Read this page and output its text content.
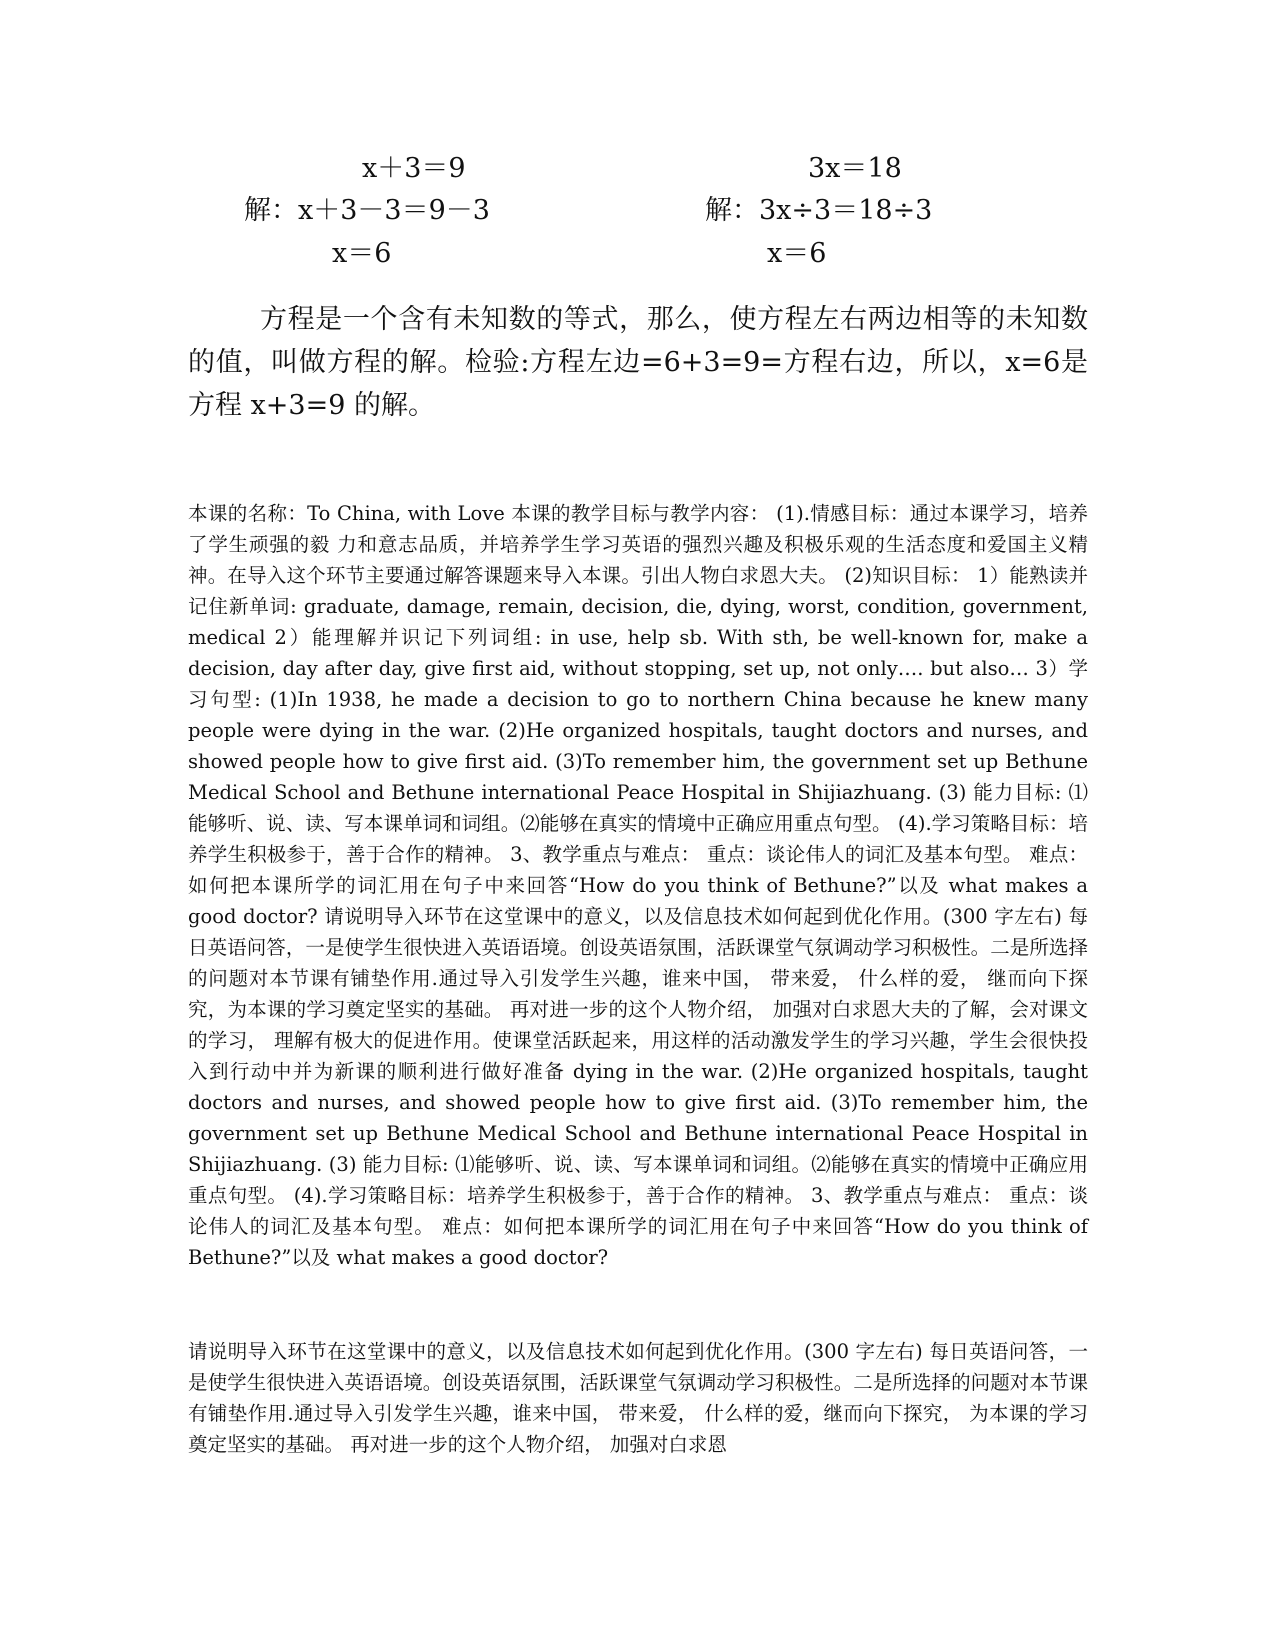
x＋3＝9
解：x＋3－3＝9－3
x＝6
3x＝18
解：3x÷3＝18÷3
x＝6

方程是一个含有未知数的等式，那么，使方程左右两边相等的未知数的值，叫做方程的解。检验:方程左边=6+3=9=方程右边，所以，x=6是方程 x+3=9 的解。

本课的名称：To China, with Love 本课的教学目标与教学内容： (1).情感目标：通过本课学习，培养了学生顽强的毅 力和意志品质，并培养学生学习英语的强烈兴趣及积极乐观的生活态度和爱国主义精神。在导入这个环节主要通过解答课题来导入本课。引出人物白求恩大夫。 (2)知识目标： 1）能熟读并记住新单词: graduate, damage, remain, decision, die, dying, worst, condition, government, medical 2）能理解并识记下列词组: in use, help sb. With sth, be well-known for, make a decision, day after day, give first aid, without stopping, set up, not only…. but also… 3）学习句型: (1)In 1938, he made a decision to go to northern China because he knew many people were dying in the war. (2)He organized hospitals, taught doctors and nurses, and showed people how to give first aid. (3)To remember him, the government set up Bethune Medical School and Bethune international Peace Hospital in Shijiazhuang. (3) 能力目标: ⑴能够听、说、读、写本课单词和词组。⑵能够在真实的情境中正确应用重点句型。 (4).学习策略目标：培养学生积极参于，善于合作的精神。 3、教学重点与难点： 重点：谈论伟人的词汇及基本句型。 难点：如何把本课所学的词汇用在句子中来回答“How do you think of Bethune?”以及 what makes a good doctor? 请说明导入环节在这堂课中的意义，以及信息技术如何起到优化作用。(300 字左右) 每日英语问答，一是使学生很快进入英语语境。创设英语氛围，活跃课堂气氛调动学习积极性。二是所选择的问题对本节课有铺垫作用.通过导入引发学生兴趣，谁来中国， 带来爱， 什么样的爱， 继而向下探究，为本课的学习奠定坚实的基础。 再对进一步的这个人物介绍， 加强对白求恩大夫的了解，会对课文的学习， 理解有极大的促进作用。使课堂活跃起来，用这样的活动激发学生的学习兴趣，学生会很快投入到行动中并为新课的顺利进行做好准备 dying in the war. (2)He organized hospitals, taught doctors and nurses, and showed people how to give first aid. (3)To remember him, the government set up Bethune Medical School and Bethune international Peace Hospital in Shijiazhuang. (3) 能力目标: ⑴能够听、说、读、写本课单词和词组。⑵能够在真实的情境中正确应用重点句型。 (4).学习策略目标：培养学生积极参于，善于合作的精神。 3、教学重点与难点： 重点：谈论伟人的词汇及基本句型。 难点：如何把本课所学的词汇用在句子中来回答“How do you think of Bethune?”以及 what makes a good doctor?

请说明导入环节在这堂课中的意义，以及信息技术如何起到优化作用。(300 字左右) 每日英语问答，一是使学生很快进入英语语境。创设英语氛围，活跃课堂气氛调动学习积极性。二是所选择的问题对本节课有铺垫作用.通过导入引发学生兴趣，谁来中国， 带来爱， 什么样的爱，继而向下探究， 为本课的学习奠定坚实的基础。 再对进一步的这个人物介绍， 加强对白求恩
